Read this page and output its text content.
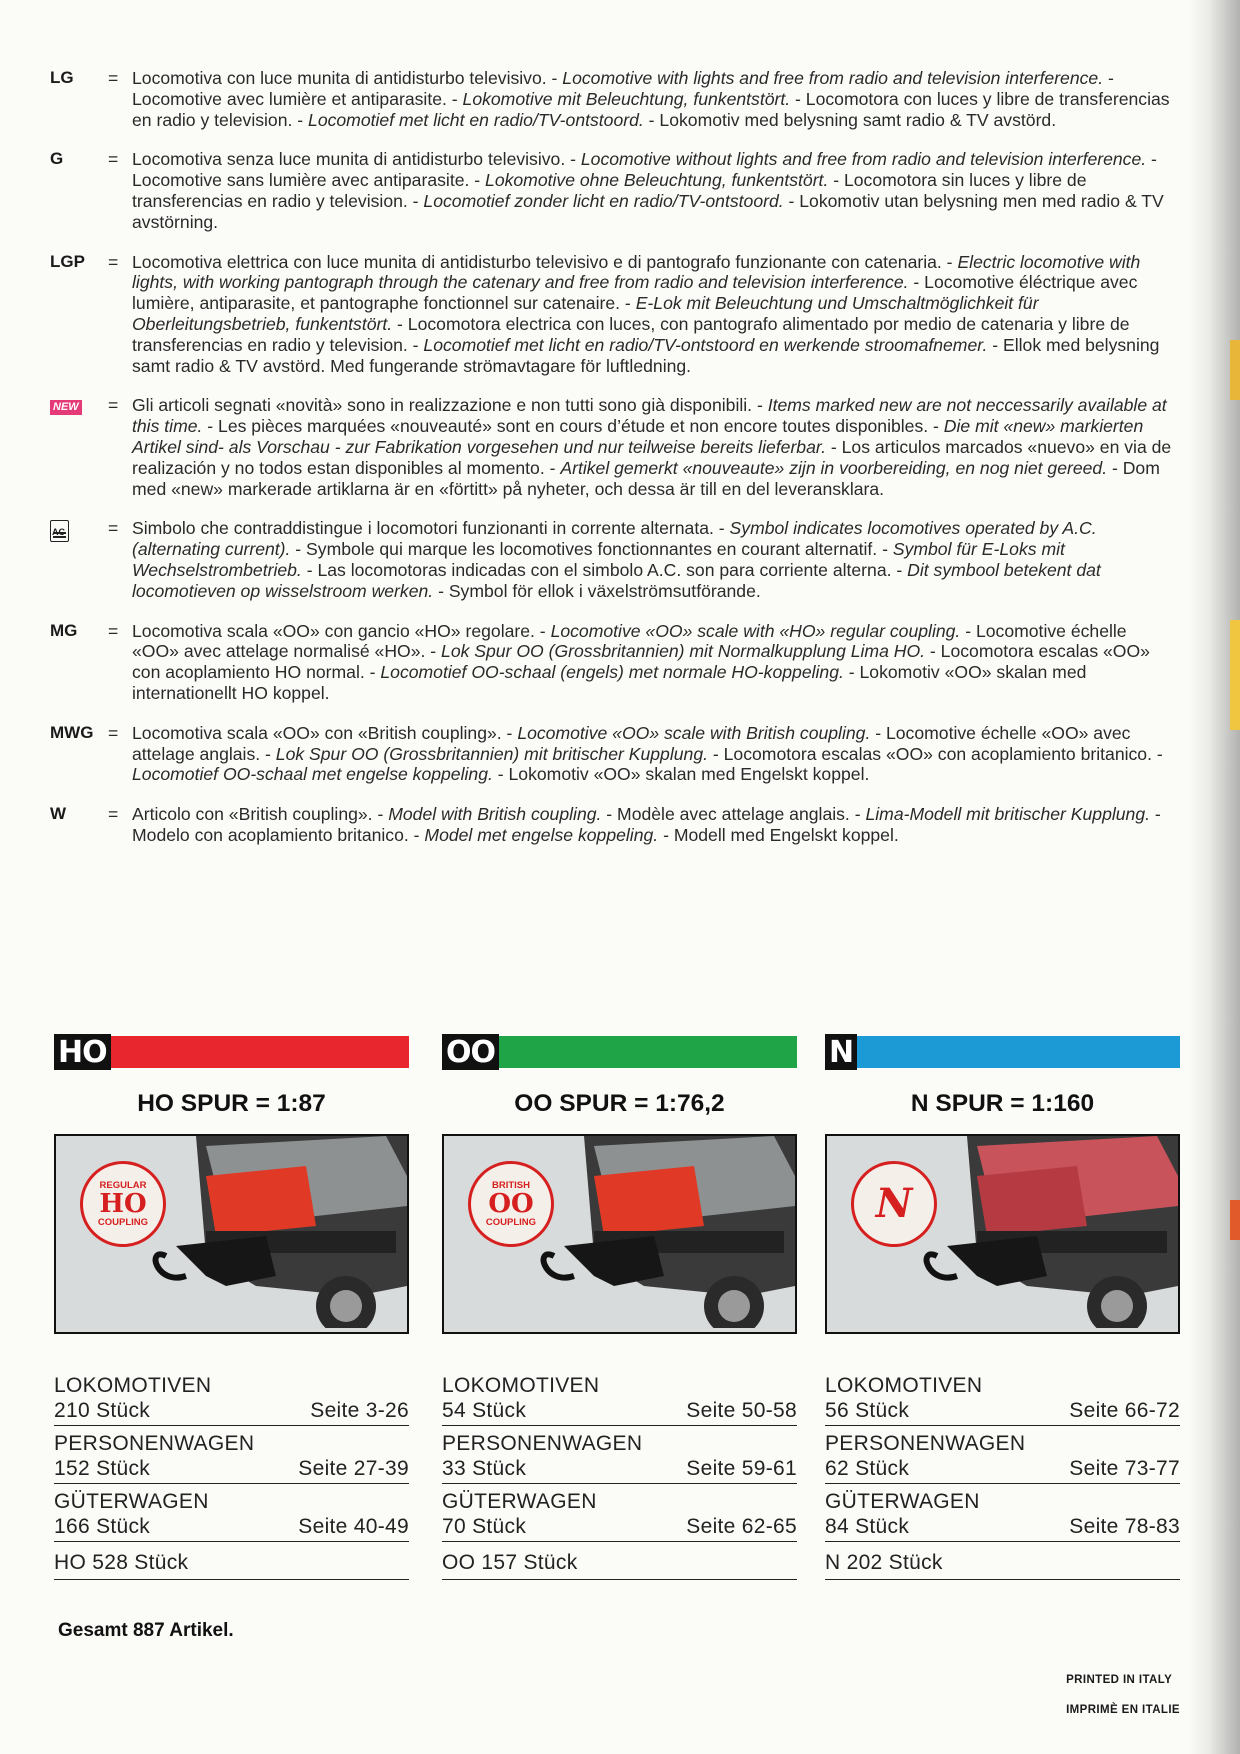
LG	= Locomotiva con luce munita di antidisturbo televisivo. - Locomotive with lights and free from radio and television interference. - Locomotive avec lumière et antiparasite. - Lokomotive mit Beleuchtung, funkentstört. - Locomotora con luces y libre de transferencias en radio y television. - Locomotief met licht en radio/TV-ontstoord. - Lokomotiv med belysning samt radio & TV avstörd.
G	= Locomotiva senza luce munita di antidisturbo televisivo. - Locomotive without lights and free from radio and television interference. - Locomotive sans lumière avec antiparasite. - Lokomotive ohne Beleuchtung, funkentstört. - Locomotora sin luces y libre de transferencias en radio y television. - Locomotief zonder licht en radio/TV-ontstoord. - Lokomotiv utan belysning men med radio & TV avstörning.
LGP	= Locomotiva elettrica con luce munita di antidisturbo televisivo e di pantografo funzionante con catenaria. - Electric locomotive with lights, with working pantograph through the catenary and free from radio and television interference. - Locomotive éléctrique avec lumière, antiparasite, et pantographe fonctionnel sur catenaire. - E-Lok mit Beleuchtung und Umschaltmöglichkeit für Oberleitungsbetrieb, funkentstört. - Locomotora electrica con luces, con pantografo alimentado por medio de catenaria y libre de transferencias en radio y television. - Locomotief met licht en radio/TV-ontstoord en werkende stroomafnemer. - Ellok med belysning samt radio & TV avstörd. Med fungerande strömavtagare för luftledning.
NEW	= Gli articoli segnati «novità» sono in realizzazione e non tutti sono già disponibili. - Items marked new are not neccessarily available at this time. - Les pièces marquées «nouveauté» sont en cours d’étude et non encore toutes disponibles. - Die mit «new» markierten Artikel sind- als Vorschau - zur Fabrikation vorgesehen und nur teilweise bereits lieferbar. - Los articulos marcados «nuevo» en via de realización y no todos estan disponibles al momento. - Artikel gemerkt «nouveaute» zijn in voorbereiding, en nog niet gereed. - Dom med «new» markerade artiklarna är en «förtitt» på nyheter, och dessa är till en del leveransklara.
= Simbolo che contraddistingue i locomotori funzionanti in corrente alternata. - Symbol indicates locomotives operated by A.C. (alternating current). - Symbole qui marque les locomotives fonctionnantes en courant alternatif. - Symbol für E-Loks mit Wechselstrombetrieb. - Las locomotoras indicadas con el simbolo A.C. son para corriente alterna. - Dit symbool betekent dat locomotieven op wisselstroom werken. - Symbol för ellok i växelströmsutförande.
MG	= Locomotiva scala «OO» con gancio «HO» regolare. - Locomotive «OO» scale with «HO» regular coupling. - Locomotive échelle «OO» avec attelage normalisé «HO». - Lok Spur OO (Grossbritannien) mit Normalkupplung Lima HO. - Locomotora escalas «OO» con acoplamiento HO normal. - Locomotief OO-schaal (engels) met normale HO-koppeling. - Lokomotiv «OO» skalan med internationellt HO koppel.
MWG = Locomotiva scala «OO» con «British coupling». - Locomotive «OO» scale with British coupling. - Locomotive échelle «OO» avec attelage anglais. - Lok Spur OO (Grossbritannien) mit britischer Kupplung. - Locomotora escalas «OO» con acoplamiento britanico. - Locomotief OO-schaal met engelse koppeling. - Lokomotiv «OO» skalan med Engelskt koppel.
W	= Articolo con «British coupling». - Model with British coupling. - Modèle avec attelage anglais. - Lima-Modell mit britischer Kupplung. - Modelo con acoplamiento britanico. - Model met engelse koppeling. - Modell med Engelskt koppel.
HO
HO SPUR = 1:87
REGULAR
HO
COUPLING
LOKOMOTIVEN
210 Stück	Seite 3-26
PERSONENWAGEN
152 Stück	Seite 27-39
GÜTERWAGEN
166 Stück	Seite 40-49
HO 528 Stück
OO
OO SPUR = 1:76,2
BRITISH
OO
COUPLING
LOKOMOTIVEN
54 Stück	Seite 50-58
PERSONENWAGEN
33 Stück	Seite 59-61
GÜTERWAGEN
70 Stück	Seite 62-65
OO 157 Stück
N
N SPUR = 1:160
N
LOKOMOTIVEN
56 Stück	Seite 66-72
PERSONENWAGEN
62 Stück	Seite 73-77
GÜTERWAGEN
84 Stück	Seite 78-83
N 202 Stück
Gesamt 887 Artikel.
PRINTED IN ITALY
IMPRIMÈ EN ITALIE
